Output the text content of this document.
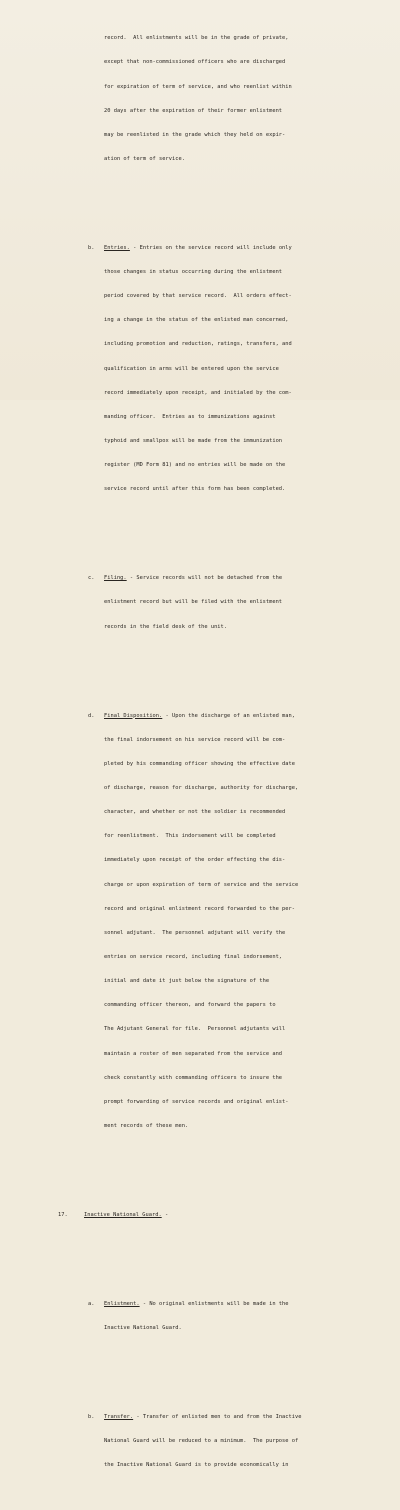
record.  All enlistments will be in the grade of private,

except that non-commissioned officers who are discharged

for expiration of term of service, and who reenlist within

20 days after the expiration of their former enlistment

may be reenlisted in the grade which they held on expir-

ation of term of service.

b. Entries. - Entries on the service record will include only

those changes in status occurring during the enlistment

period covered by that service record.  All orders effect-

ing a change in the status of the enlisted man concerned,

including promotion and reduction, ratings, transfers, and

qualification in arms will be entered upon the service

record immediately upon receipt, and initialed by the com-

manding officer.  Entries as to immunizations against

typhoid and smallpox will be made from the immunization

register (MD Form 81) and no entries will be made on the

service record until after this form has been completed.

c. Filing. - Service records will not be detached from the

enlistment record but will be filed with the enlistment

records in the field desk of the unit.

d. Final Disposition. - Upon the discharge of an enlisted man,

the final indorsement on his service record will be com-

pleted by his commanding officer showing the effective date

of discharge, reason for discharge, authority for discharge,

character, and whether or not the soldier is recommended

for reenlistment.  This indorsement will be completed

immediately upon receipt of the order effecting the dis-

charge or upon expiration of term of service and the service

record and original enlistment record forwarded to the per-

sonnel adjutant.  The personnel adjutant will verify the

entries on service record, including final indorsement,

initial and date it just below the signature of the

commanding officer thereon, and forward the papers to

The Adjutant General for file.  Personnel adjutants will

maintain a roster of men separated from the service and

check constantly with commanding officers to insure the

prompt forwarding of service records and original enlist-

ment records of these men.

17.	Inactive National Guard. -

a. Enlistment. - No original enlistments will be made in the

Inactive National Guard.

b. Transfer. - Transfer of enlisted men to and from the Inactive

National Guard will be reduced to a minimum.  The purpose of

the Inactive National Guard is to provide economically in
